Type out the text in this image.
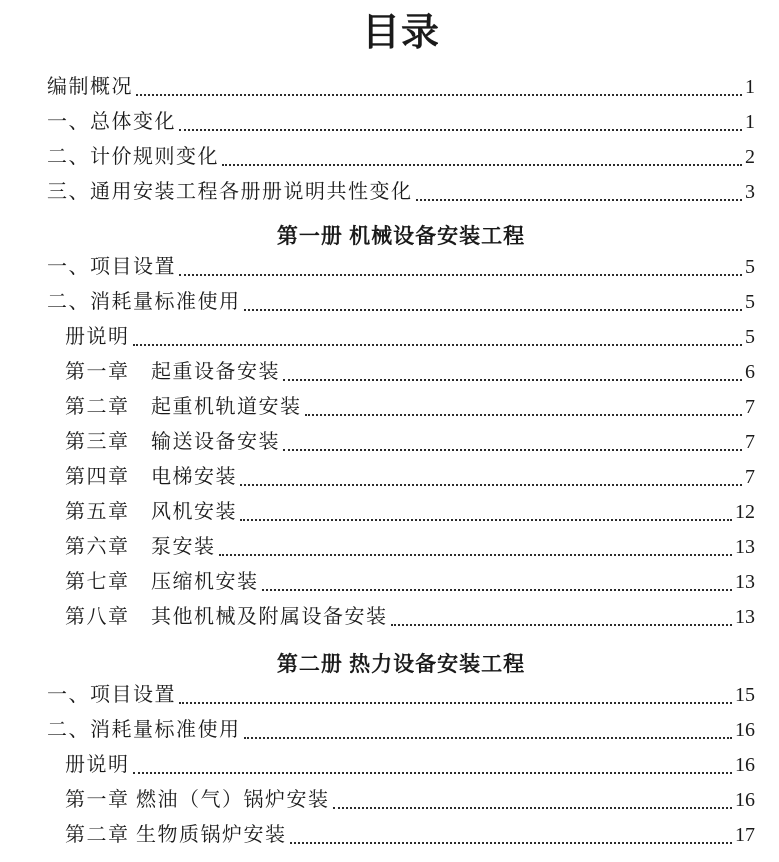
目录
编制概况	1
一、总体变化	1
二、计价规则变化	2
三、通用安装工程各册册说明共性变化	3
第一册 机械设备安装工程
一、项目设置	5
二、消耗量标准使用	5
册说明	5
第一章　起重设备安装	6
第二章　起重机轨道安装	7
第三章　输送设备安装	7
第四章　电梯安装	7
第五章　风机安装	12
第六章　泵安装	13
第七章　压缩机安装	13
第八章　其他机械及附属设备安装	13
第二册 热力设备安装工程
一、项目设置	15
二、消耗量标准使用	16
册说明	16
第一章 燃油（气）锅炉安装	16
第二章 生物质锅炉安装	17
